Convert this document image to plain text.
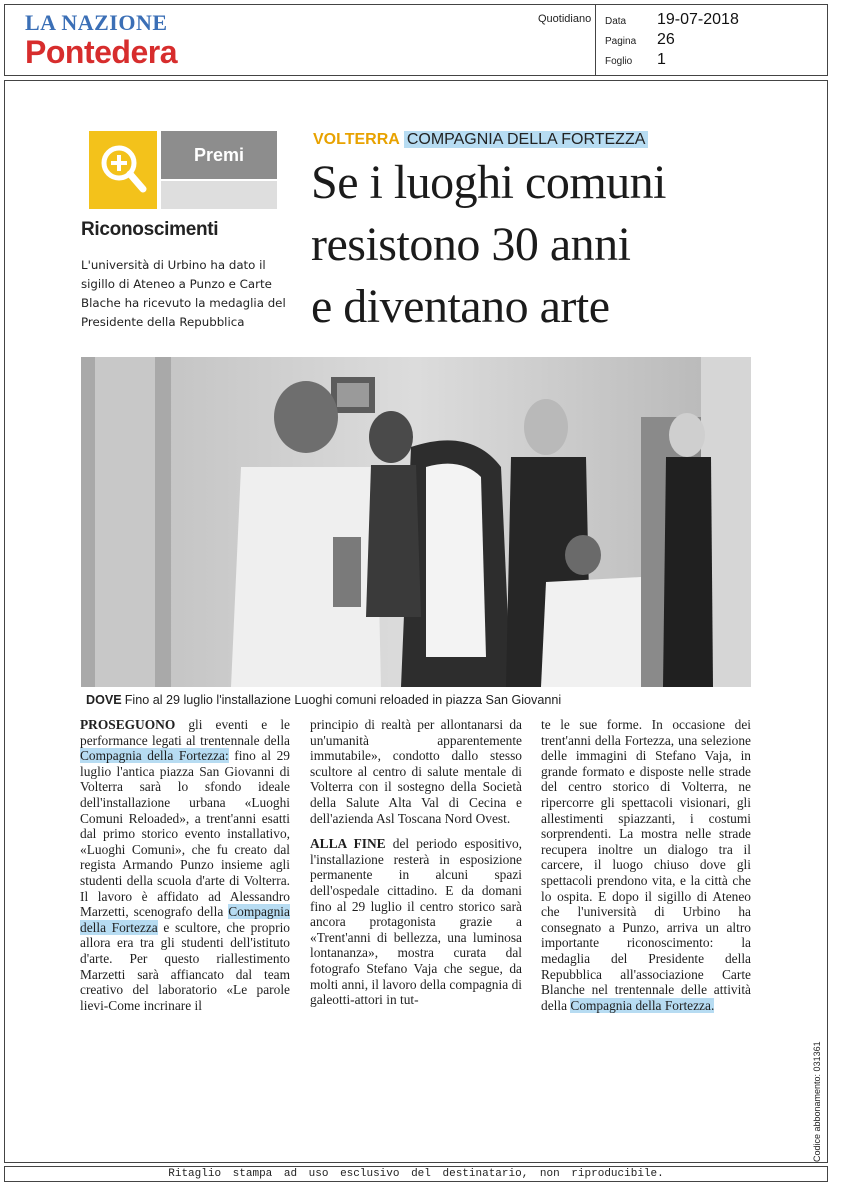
LA NAZIONE
Pontedera
Quotidiano Data	19-07-2018
Pagina	26
Foglio	1
Premi
Riconoscimenti
L'università di Urbino ha dato il sigillo di Ateneo a Punzo e Carte Blache ha ricevuto la medaglia del Presidente della Repubblica
VOLTERRA COMPAGNIA DELLA FORTEZZA
Se i luoghi comuni
resistono 30 anni
e diventano arte
DOVE Fino al 29 luglio l'installazione Luoghi comuni reloaded in piazza San Giovanni
PROSEGUONO gli eventi e le performance legati al trentennale della Compagnia della Fortezza: fino al 29 luglio l'antica piazza San Giovanni di Volterra sarà lo sfondo ideale dell'installazione urbana «Luoghi Comuni Reloaded», a trent'anni esatti dal primo storico evento installativo, «Luoghi Comuni», che fu creato dal regista Armando Punzo insieme agli studenti della scuola d'arte di Volterra. Il lavoro è affidato ad Alessandro Marzetti, scenografo della Compagnia della Fortezza e scultore, che proprio allora era tra gli studenti dell'istituto d'arte. Per questo riallestimento Marzetti sarà affiancato dal team creativo del laboratorio «Le parole lievi-Come incrinare il
principio di realtà per allontanarsi da un'umanità apparentemente immutabile», condotto dallo stesso scultore al centro di salute mentale di Volterra con il sostegno della Società della Salute Alta Val di Cecina e dell'azienda Asl Toscana Nord Ovest.
ALLA FINE del periodo espositivo, l'installazione resterà in esposizione permanente in alcuni spazi dell'ospedale cittadino. E da domani fino al 29 luglio il centro storico sarà ancora protagonista grazie a «Trent'anni di bellezza, una luminosa lontananza», mostra curata dal fotografo Stefano Vaja che segue, da molti anni, il lavoro della compagnia di galeotti-attori in tut-
te le sue forme. In occasione dei trent'anni della Fortezza, una selezione delle immagini di Stefano Vaja, in grande formato e disposte nelle strade del centro storico di Volterra, ne ripercorre gli spettacoli visionari, gli allestimenti spiazzanti, i costumi sorprendenti. La mostra nelle strade recupera inoltre un dialogo tra il carcere, il luogo chiuso dove gli spettacoli prendono vita, e la città che lo ospita. E dopo il sigillo di Ateneo che l'università di Urbino ha consegnato a Punzo, arriva un altro importante riconoscimento: la medaglia del Presidente della Repubblica all'associazione Carte Blanche nel trentennale delle attività della Compagnia della Fortezza.
Codice abbonamento: 031361
Ritaglio stampa ad uso esclusivo del destinatario, non riproducibile.
